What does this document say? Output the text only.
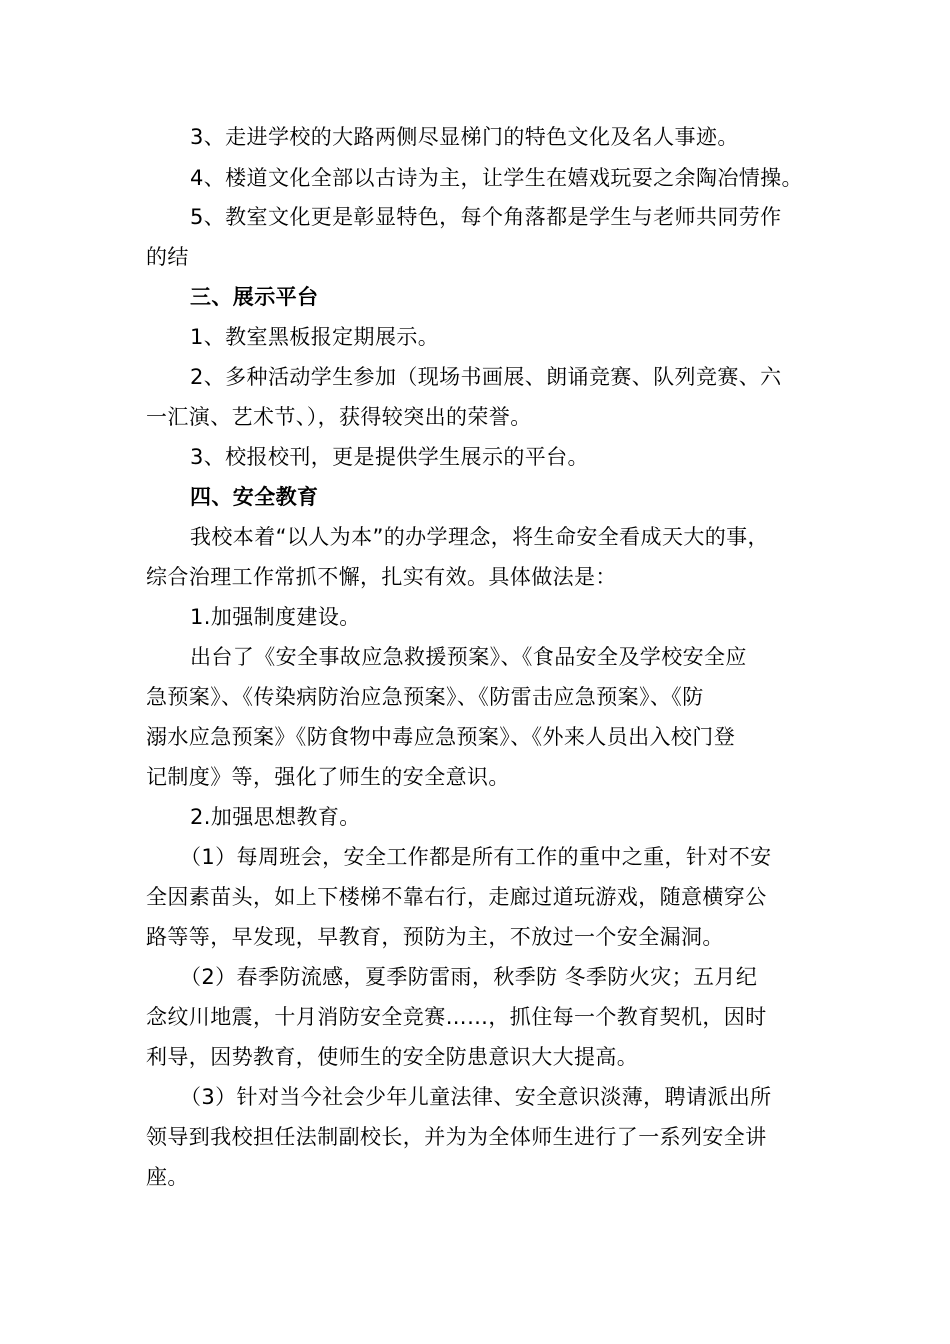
3、走进学校的大路两侧尽显梯门的特色文化及名人事迹。
4、楼道文化全部以古诗为主，让学生在嬉戏玩耍之余陶冶情操。
5、教室文化更是彰显特色，每个角落都是学生与老师共同劳作
的结
三、展示平台
1、教室黑板报定期展示。
2、多种活动学生参加（现场书画展、朗诵竞赛、队列竞赛、六
一汇演、艺术节、），获得较突出的荣誉。
3、校报校刊，更是提供学生展示的平台。
四、安全教育
我校本着“以人为本”的办学理念，将生命安全看成天大的事，
综合治理工作常抓不懈，扎实有效。具体做法是：
1.加强制度建设。
出台了《安全事故应急救援预案》、《食品安全及学校安全应
急预案》、《传染病防治应急预案》、《防雷击应急预案》、《防
溺水应急预案》《防食物中毒应急预案》、《外来人员出入校门登
记制度》等，强化了师生的安全意识。
2.加强思想教育。
（1）每周班会，安全工作都是所有工作的重中之重，针对不安
全因素苗头，如上下楼梯不靠右行，走廊过道玩游戏，随意横穿公
路等等，早发现，早教育，预防为主，不放过一个安全漏洞。
（2）春季防流感，夏季防雷雨，秋季防 冬季防火灾；五月纪
念纹川地震，十月消防安全竞赛……，抓住每一个教育契机，因时
利导，因势教育，使师生的安全防患意识大大提高。
（3）针对当今社会少年儿童法律、安全意识淡薄，聘请派出所
领导到我校担任法制副校长，并为为全体师生进行了一系列安全讲
座。
